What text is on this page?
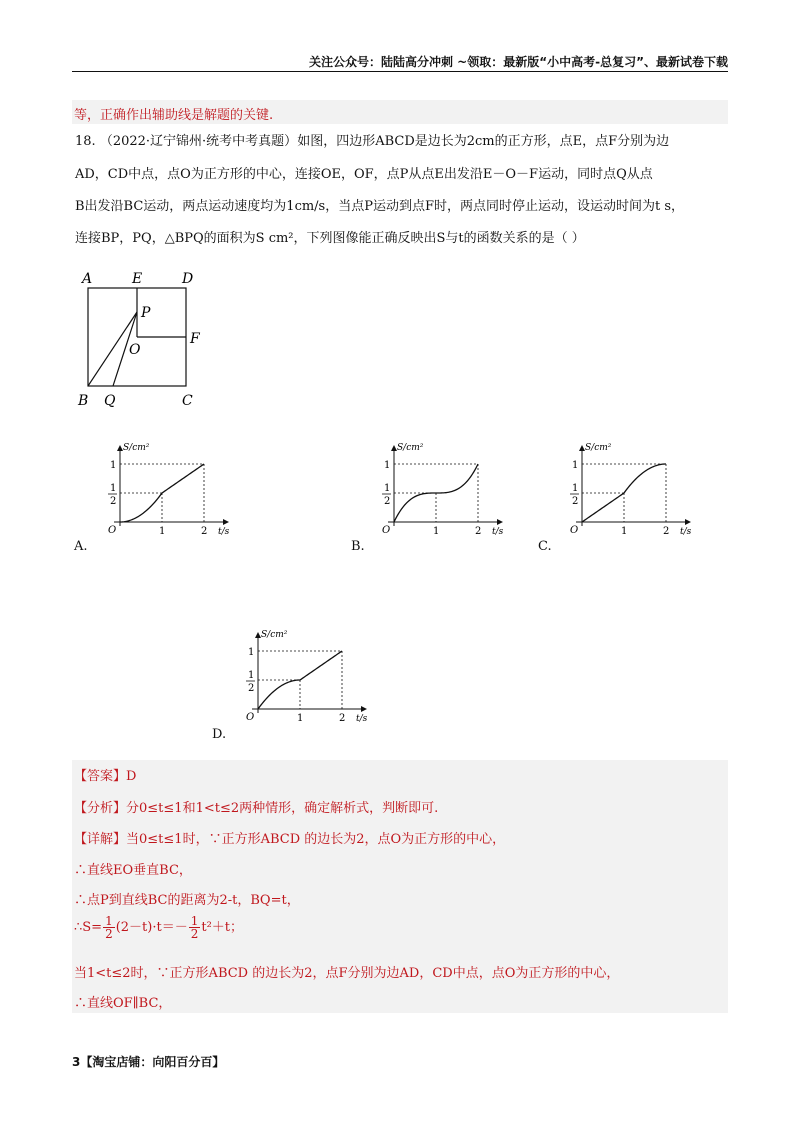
关注公众号：陆陆高分冲刺 ~领取：最新版“小中高考-总复习”、最新试卷下载
等，正确作出辅助线是解题的关键.
18. （2022·辽宁锦州·统考中考真题）如图，四边形ABCD是边长为2cm的正方形，点E，点F分别为边
AD，CD中点，点O为正方形的中心，连接OE，OF，点P从点E出发沿E－O－F运动，同时点Q从点
B出发沿BC运动，两点运动速度均为1cm/s，当点P运动到点F时，两点同时停止运动，设运动时间为t s，
连接BP，PQ，△BPQ的面积为S cm²，下列图像能正确反映出S与t的函数关系的是（ ）
A	E	D
P
O
F
B Q	C
S/cm²
t/s
O
1
1
2
1	2
S/cm²
t/s
O
1
1
2
1	2
S/cm²
t/s
O
1
1
2
1	2
S/cm²
t/s
O
1
1
2
1	2
A.	B.	C.
D.
【答案】D
【分析】分0≤t≤1和1<t≤2两种情形，确定解析式，判断即可.
【详解】当0≤t≤1时，∵正方形ABCD 的边长为2，点O为正方形的中心，
∴直线EO垂直BC，
∴点P到直线BC的距离为2-t，BQ=t，
∴S= $\frac{1}{2} (2-t)\cdot t=- \frac{1}{2} t^2+t$；
当1<t≤2时，∵正方形ABCD 的边长为2，点F分别为边AD，CD中点，点O为正方形的中心，
∴直线OF∥BC，
3【淘宝店铺：向阳百分百】
